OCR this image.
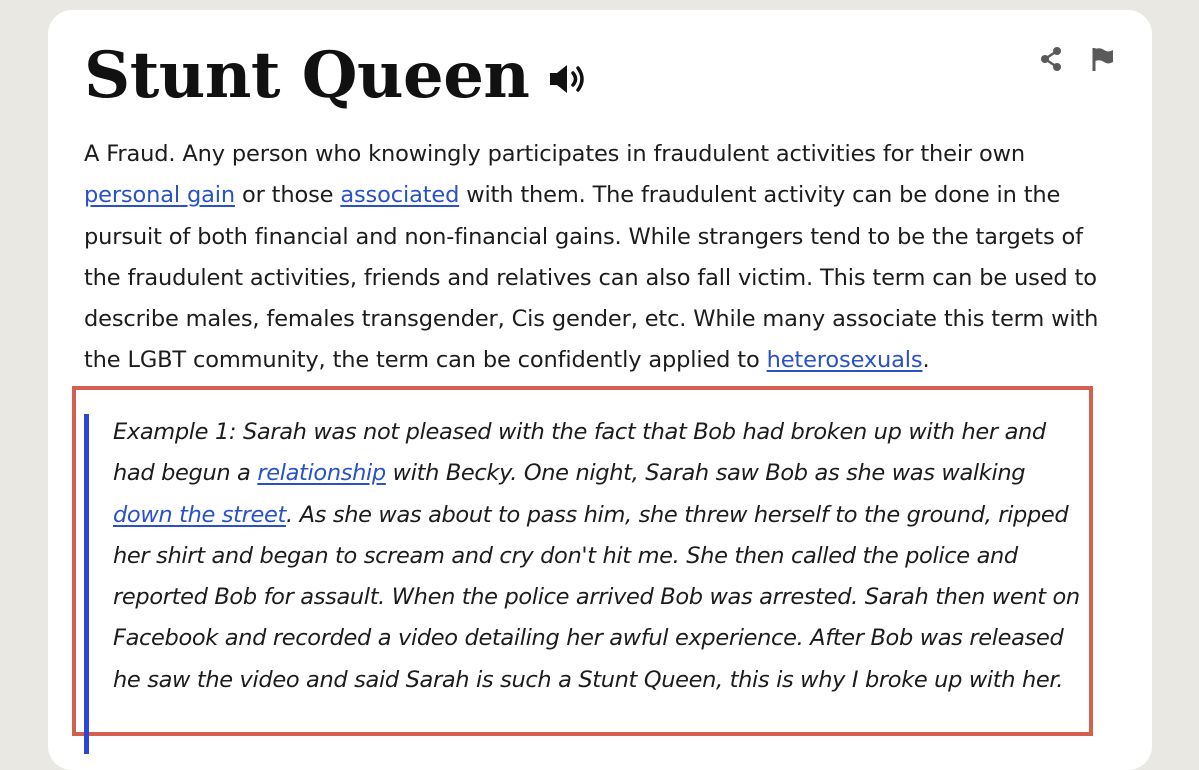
Stunt Queen

A Fraud. Any person who knowingly participates in fraudulent activities for their own personal gain or those associated with them. The fraudulent activity can be done in the pursuit of both financial and non-financial gains. While strangers tend to be the targets of the fraudulent activities, friends and relatives can also fall victim. This term can be used to describe males, females transgender, Cis gender, etc. While many associate this term with the LGBT community, the term can be confidently applied to heterosexuals.

Example 1: Sarah was not pleased with the fact that Bob had broken up with her and had begun a relationship with Becky. One night, Sarah saw Bob as she was walking down the street. As she was about to pass him, she threw herself to the ground, ripped her shirt and began to scream and cry don't hit me. She then called the police and reported Bob for assault. When the police arrived Bob was arrested. Sarah then went on Facebook and recorded a video detailing her awful experience. After Bob was released he saw the video and said Sarah is such a Stunt Queen, this is why I broke up with her.
